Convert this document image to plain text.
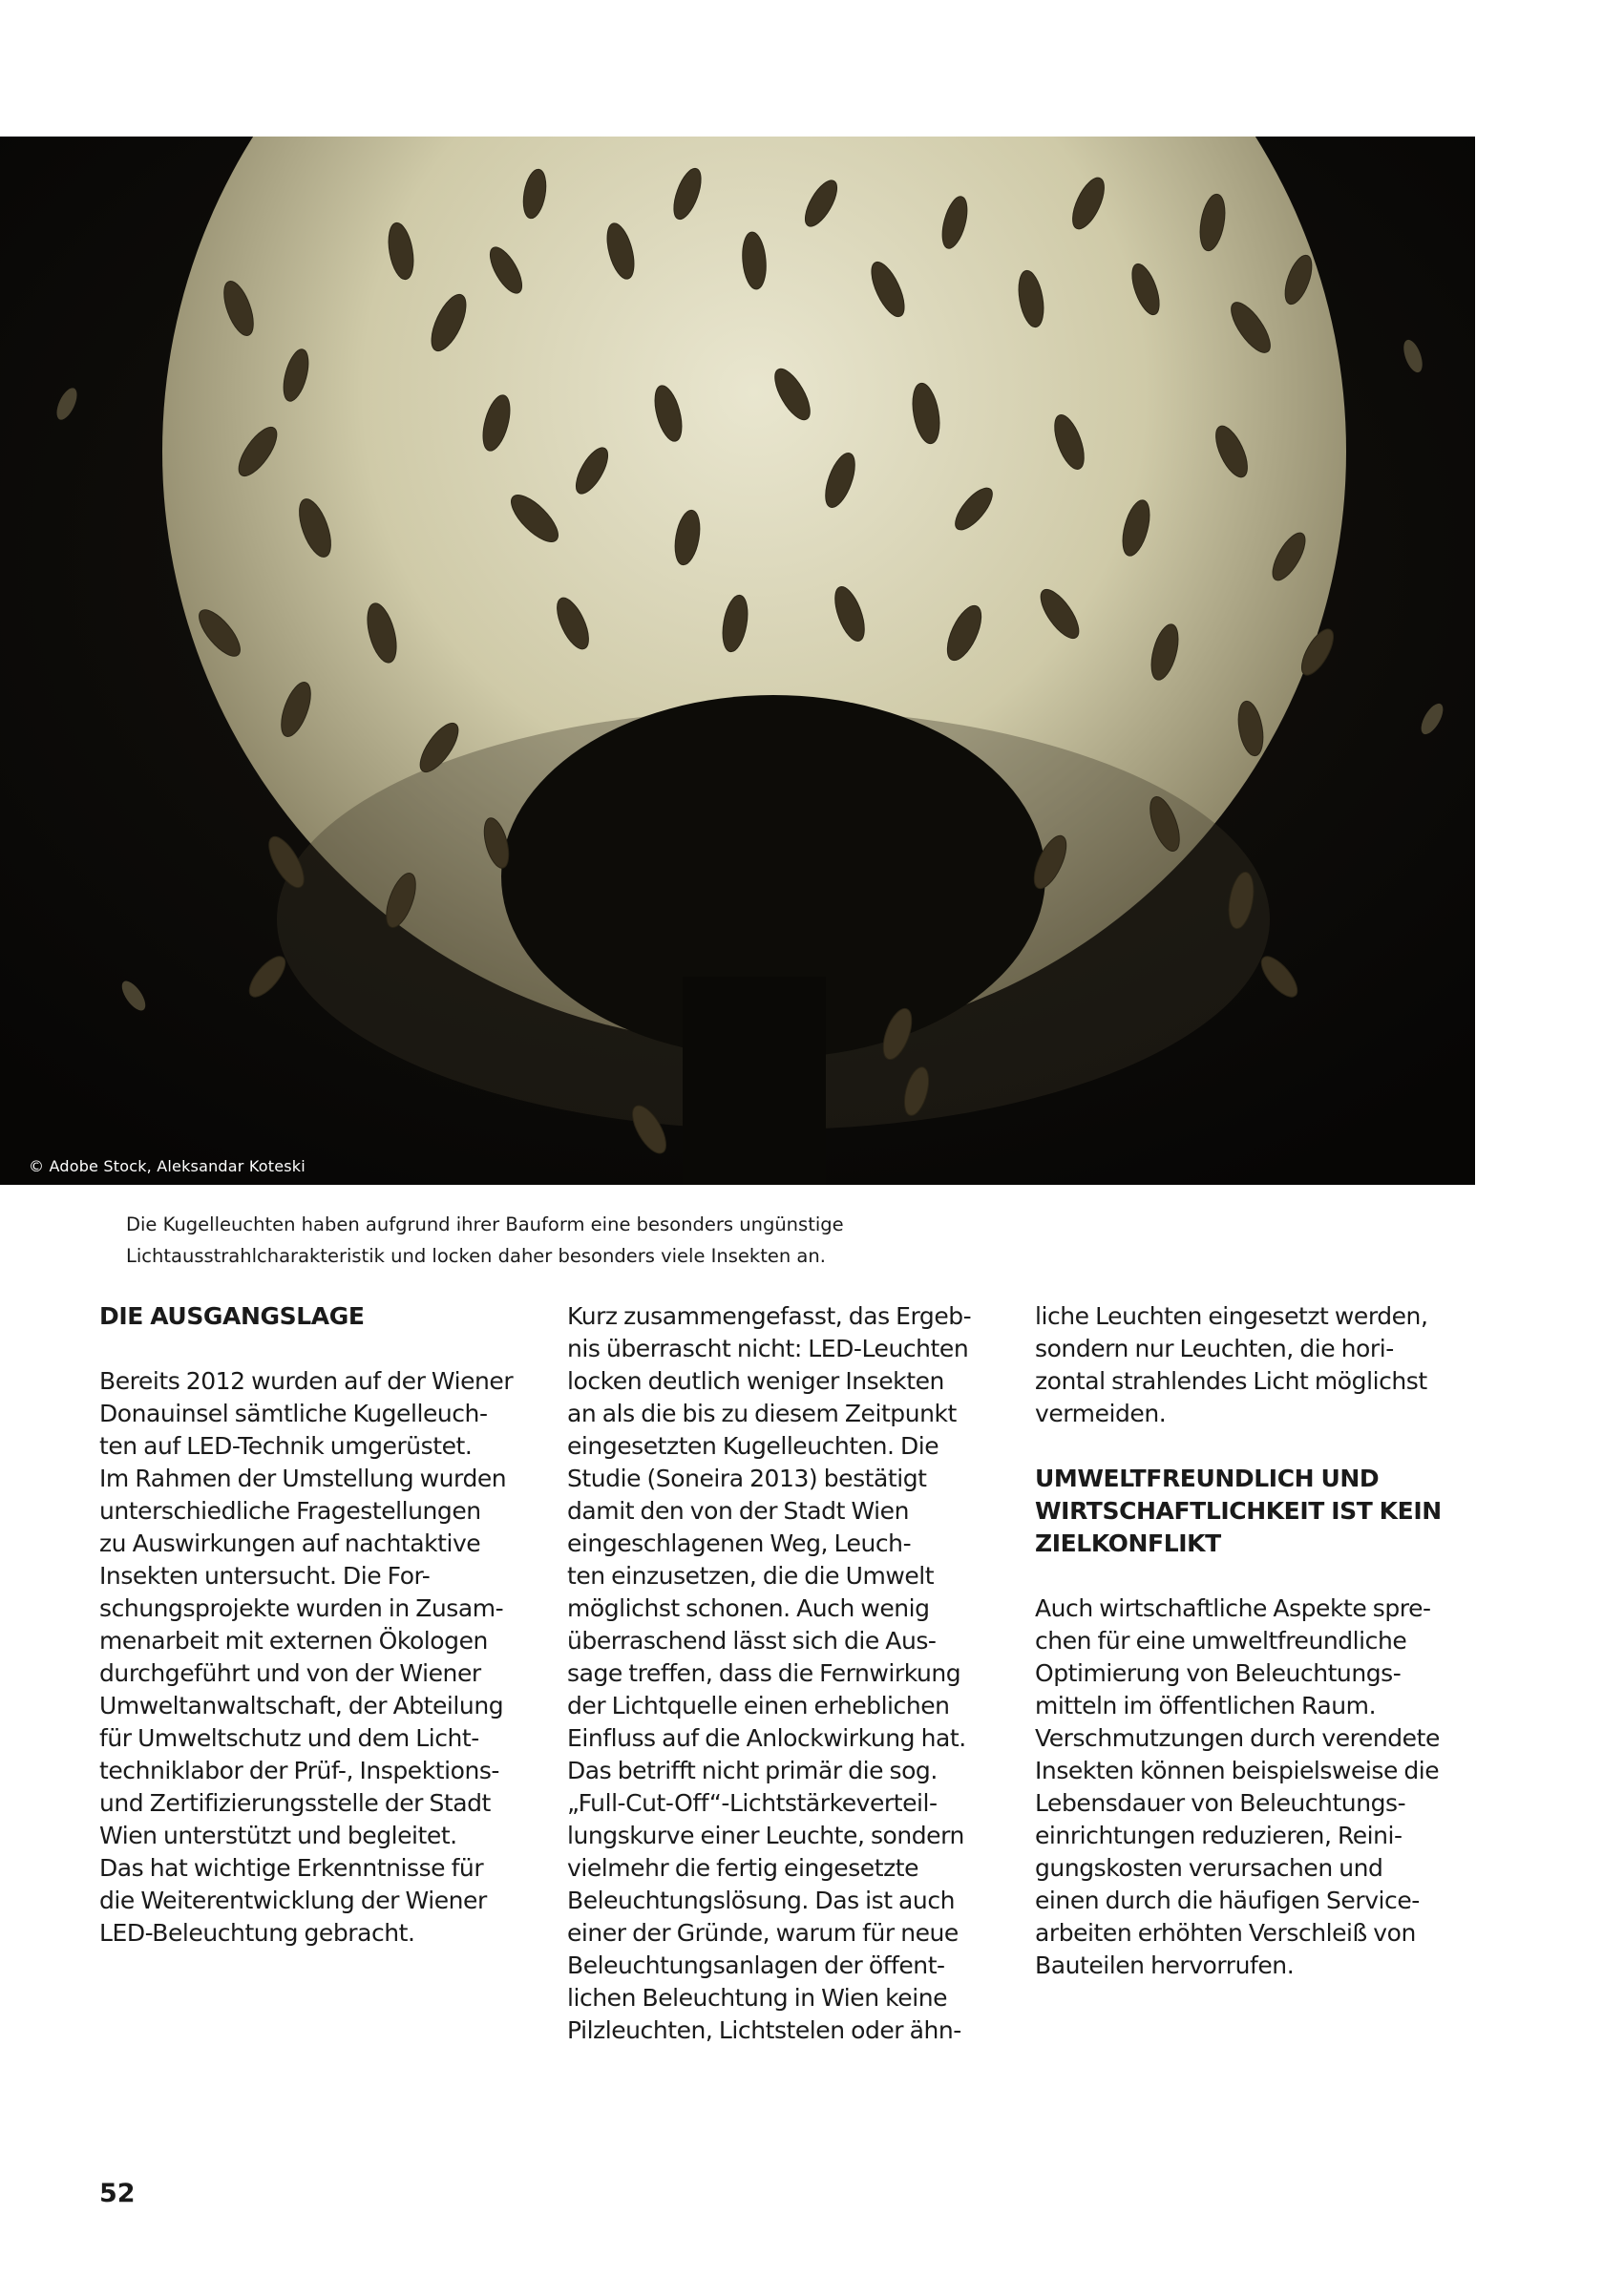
© Adobe Stock, Aleksandar Koteski
Die Kugelleuchten haben aufgrund ihrer Bauform eine besonders ungünstige
Lichtausstrahlcharakteristik und locken daher besonders viele Insekten an.
DIE AUSGANGSLAGE

Bereits 2012 wurden auf der Wiener
Donauinsel sämtliche Kugelleuch-
ten auf LED-Technik umgerüstet.
Im Rahmen der Umstellung wurden
unterschiedliche Fragestellungen
zu Auswirkungen auf nachtaktive
Insekten untersucht. Die For-
schungsprojekte wurden in Zusam-
menarbeit mit externen Ökologen
durchgeführt und von der Wiener
Umweltanwaltschaft, der Abteilung
für Umweltschutz und dem Licht-
techniklabor der Prüf-, Inspektions-
und Zertifizierungsstelle der Stadt
Wien unterstützt und begleitet.
Das hat wichtige Erkenntnisse für
die Weiterentwicklung der Wiener
LED-Beleuchtung gebracht.

Kurz zusammengefasst, das Ergeb-
nis überrascht nicht: LED-Leuchten
locken deutlich weniger Insekten
an als die bis zu diesem Zeitpunkt
eingesetzten Kugelleuchten. Die
Studie (Soneira 2013) bestätigt
damit den von der Stadt Wien
eingeschlagenen Weg, Leuch-
ten einzusetzen, die die Umwelt
möglichst schonen. Auch wenig
überraschend lässt sich die Aus-
sage treffen, dass die Fernwirkung
der Lichtquelle einen erheblichen
Einfluss auf die Anlockwirkung hat.
Das betrifft nicht primär die sog.
„Full-Cut-Off“-Lichtstärkeverteil-
lungskurve einer Leuchte, sondern
vielmehr die fertig eingesetzte
Beleuchtungslösung. Das ist auch
einer der Gründe, warum für neue
Beleuchtungsanlagen der öffent-
lichen Beleuchtung in Wien keine
Pilzleuchten, Lichtstelen oder ähn-

liche Leuchten eingesetzt werden,
sondern nur Leuchten, die hori-
zontal strahlendes Licht möglichst
vermeiden.

UMWELTFREUNDLICH UND
WIRTSCHAFTLICHKEIT IST KEIN
ZIELKONFLIKT

Auch wirtschaftliche Aspekte spre-
chen für eine umweltfreundliche
Optimierung von Beleuchtungs-
mitteln im öffentlichen Raum.
Verschmutzungen durch verendete
Insekten können beispielsweise die
Lebensdauer von Beleuchtungs-
einrichtungen reduzieren, Reini-
gungskosten verursachen und
einen durch die häufigen Service-
arbeiten erhöhten Verschleiß von
Bauteilen hervorrufen.

52
